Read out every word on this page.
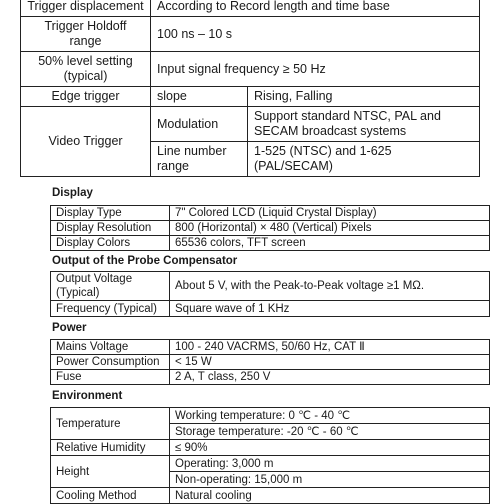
Trigger displacement	According to Record length and time base	
Trigger Holdoff range	100 ns – 10 s	
50% level setting (typical)	Input signal frequency ≥ 50 Hz	
Edge trigger	slope	Rising, Falling
Video Trigger	Modulation	Support standard NTSC, PAL and SECAM broadcast systems
	Line number range	1-525 (NTSC) and 1-625 (PAL/SECAM)
Display
Display Type	7" Colored LCD (Liquid Crystal Display)
Display Resolution	800 (Horizontal) × 480 (Vertical) Pixels
Display Colors	65536 colors, TFT screen
Output of the Probe Compensator
Output Voltage (Typical)	About 5 V, with the Peak-to-Peak voltage ≥1 MΩ.
Frequency (Typical)	Square wave of 1 KHz
Power
Mains Voltage	100 - 240 VACRMS, 50/60 Hz, CAT Ⅱ
Power Consumption	< 15 W
Fuse	2 A, T class, 250 V
Environment
Temperature	Working temperature: 0 ℃ - 40 ℃
	Storage temperature: -20 ℃ - 60 ℃
Relative Humidity	≤ 90%
Height	Operating: 3,000 m
	Non-operating: 15,000 m
Cooling Method	Natural cooling
